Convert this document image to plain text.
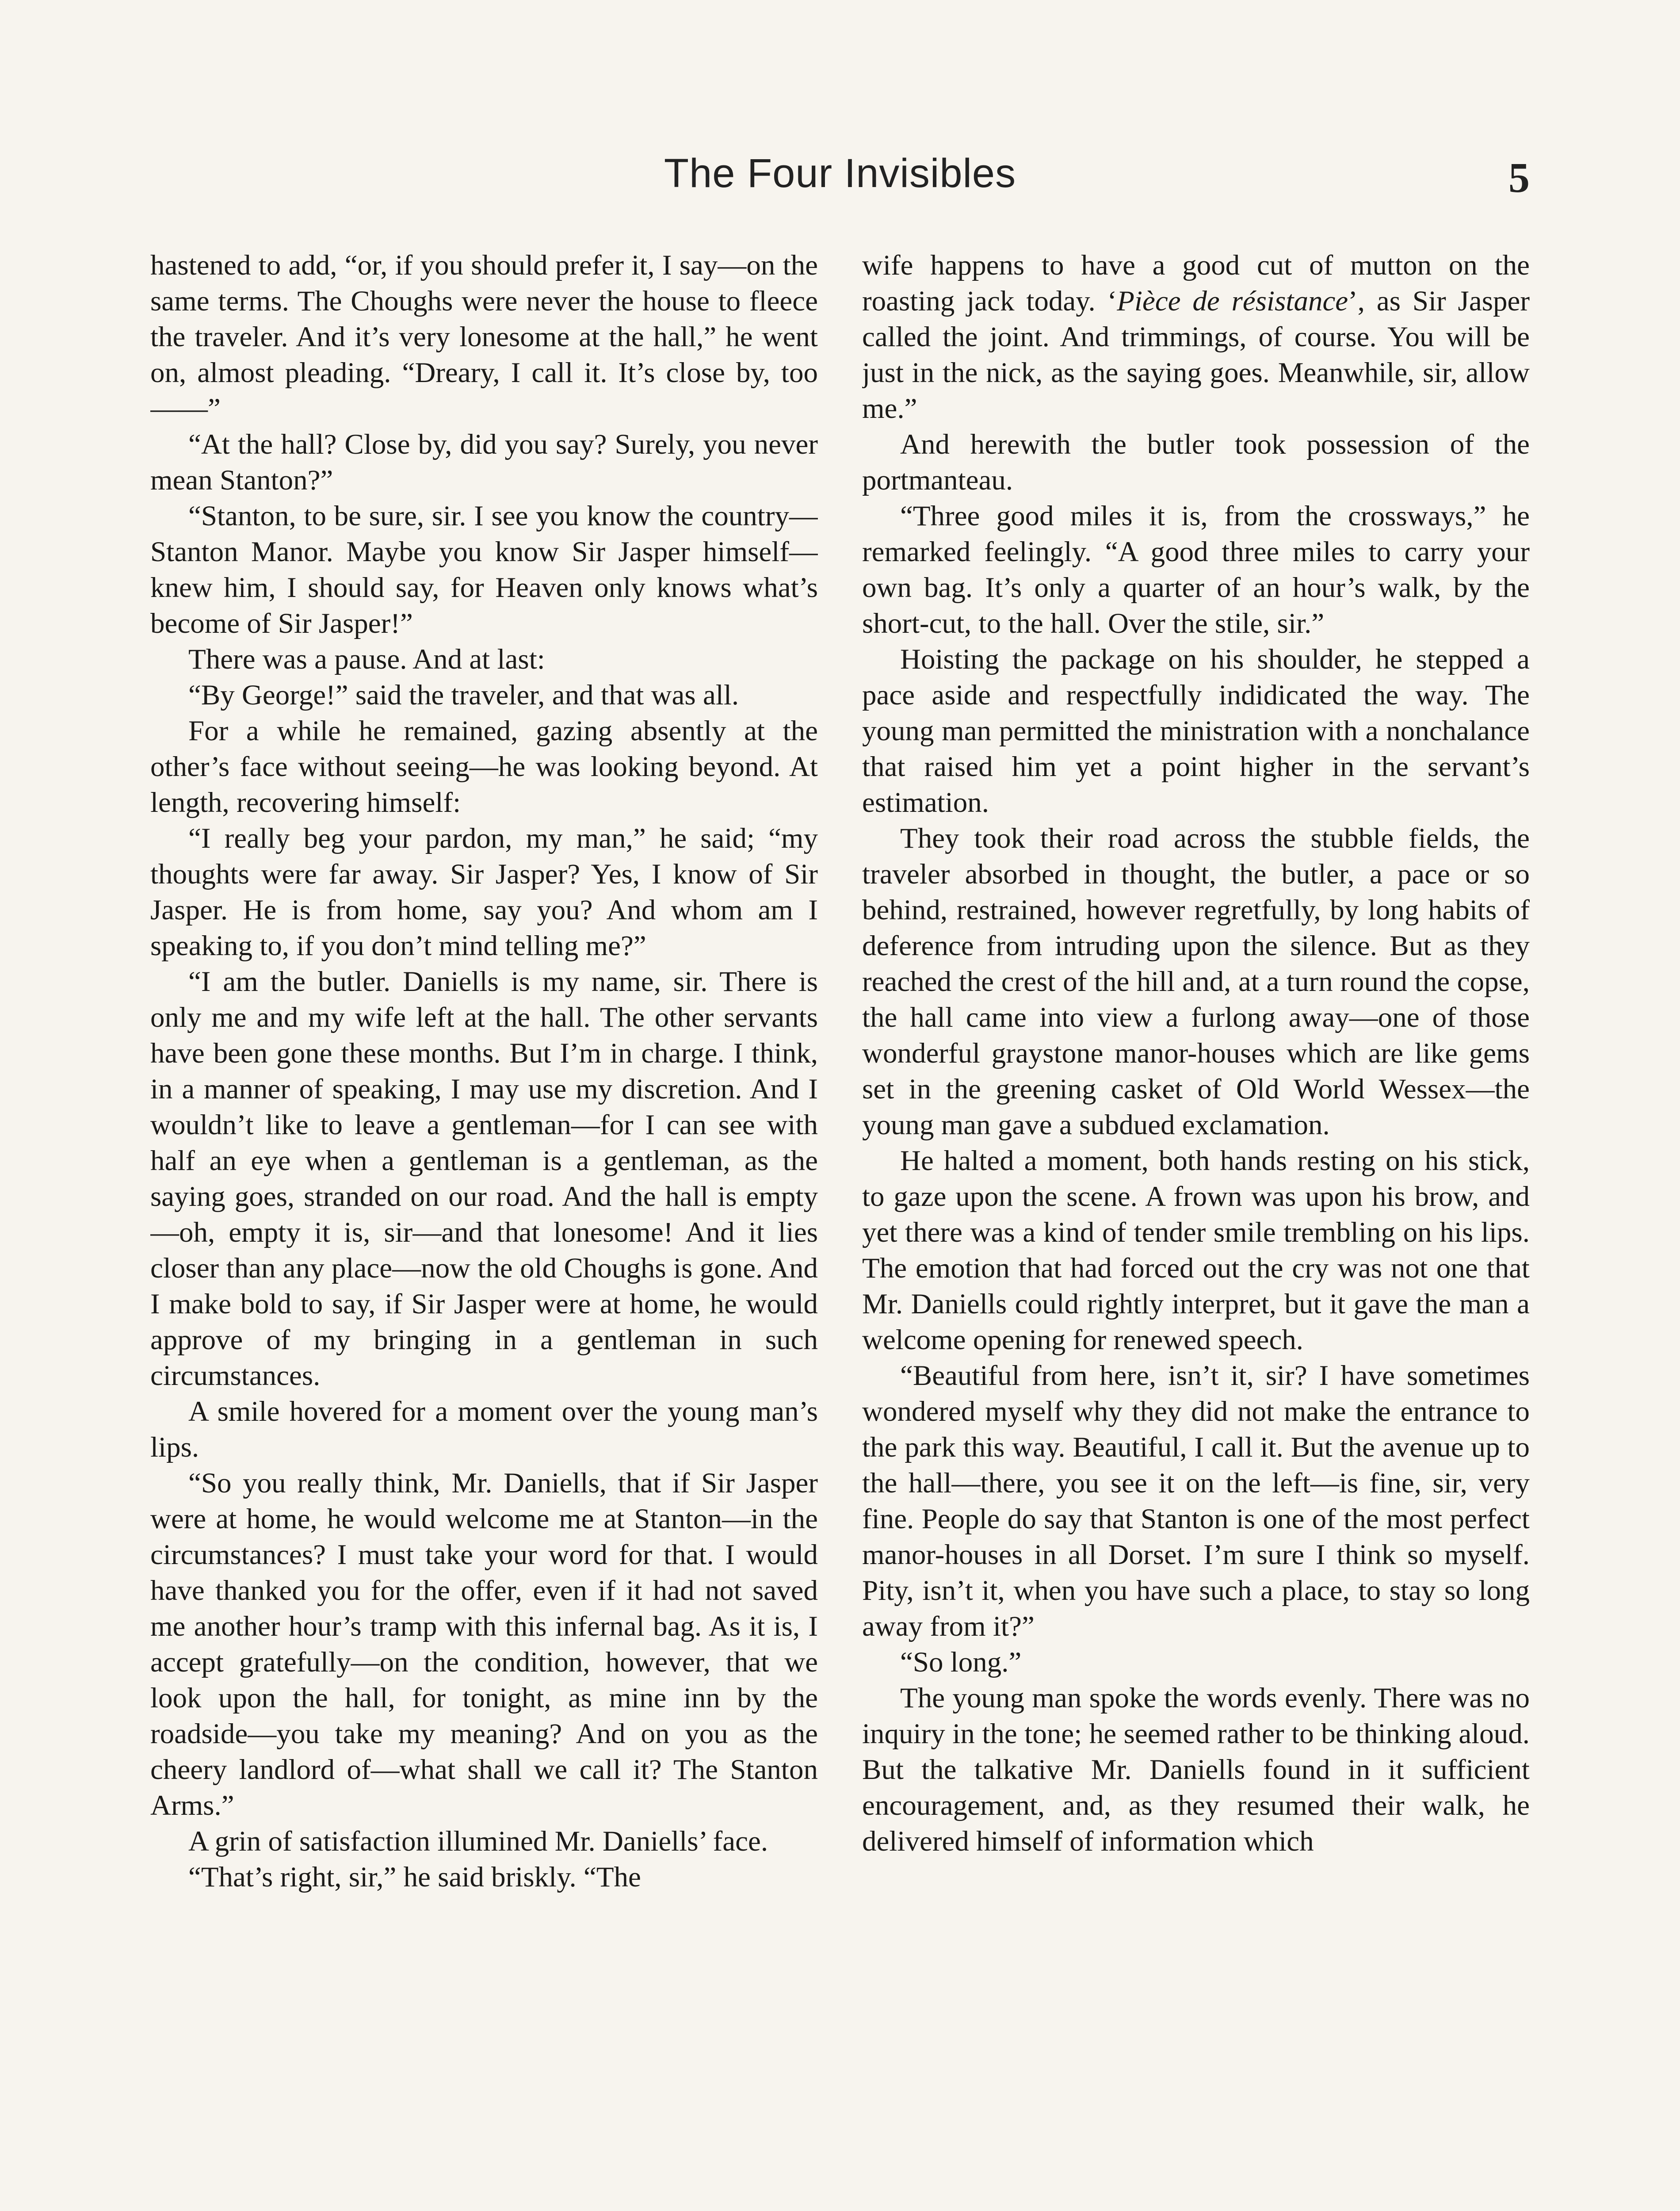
The Four Invisibles	5

hastened to add, “or, if you should prefer it, I say—on the same terms. The Choughs were never the house to fleece the traveler. And it’s very lonesome at the hall,” he went on, almost pleading. “Dreary, I call it. It’s close by, too——”

“At the hall? Close by, did you say? Surely, you never mean Stanton?”

“Stanton, to be sure, sir. I see you know the country—Stanton Manor. Maybe you know Sir Jasper himself—knew him, I should say, for Heaven only knows what’s become of Sir Jasper!”

There was a pause. And at last:

“By George!” said the traveler, and that was all.

For a while he remained, gazing absently at the other’s face without seeing—he was looking beyond. At length, recovering himself:

“I really beg your pardon, my man,” he said; “my thoughts were far away. Sir Jasper? Yes, I know of Sir Jasper. He is from home, say you? And whom am I speaking to, if you don’t mind telling me?”

“I am the butler. Daniells is my name, sir. There is only me and my wife left at the hall. The other servants have been gone these months. But I’m in charge. I think, in a manner of speaking, I may use my discretion. And I wouldn’t like to leave a gentleman—for I can see with half an eye when a gentleman is a gentleman, as the saying goes, stranded on our road. And the hall is empty—oh, empty it is, sir—and that lonesome! And it lies closer than any place—now the old Choughs is gone. And I make bold to say, if Sir Jasper were at home, he would approve of my bringing in a gentleman in such circumstances.

A smile hovered for a moment over the young man’s lips.

“So you really think, Mr. Daniells, that if Sir Jasper were at home, he would welcome me at Stanton—in the circumstances? I must take your word for that. I would have thanked you for the offer, even if it had not saved me another hour’s tramp with this infernal bag. As it is, I accept gratefully—on the condition, however, that we look upon the hall, for tonight, as mine inn by the roadside—you take my meaning? And on you as the cheery landlord of—what shall we call it? The Stanton Arms.”

A grin of satisfaction illumined Mr. Daniells’ face.

“That’s right, sir,” he said briskly. “The

wife happens to have a good cut of mutton on the roasting jack today. ‘Pièce de résistance’, as Sir Jasper called the joint. And trimmings, of course. You will be just in the nick, as the saying goes. Meanwhile, sir, allow me.”

And herewith the butler took possession of the portmanteau.

“Three good miles it is, from the crossways,” he remarked feelingly. “A good three miles to carry your own bag. It’s only a quarter of an hour’s walk, by the short-cut, to the hall. Over the stile, sir.”

Hoisting the package on his shoulder, he stepped a pace aside and respectfully indidicated the way. The young man permitted the ministration with a nonchalance that raised him yet a point higher in the servant’s estimation.

They took their road across the stubble fields, the traveler absorbed in thought, the butler, a pace or so behind, restrained, however regretfully, by long habits of deference from intruding upon the silence. But as they reached the crest of the hill and, at a turn round the copse, the hall came into view a furlong away—one of those wonderful graystone manor-houses which are like gems set in the greening casket of Old World Wessex—the young man gave a subdued exclamation.

He halted a moment, both hands resting on his stick, to gaze upon the scene. A frown was upon his brow, and yet there was a kind of tender smile trembling on his lips. The emotion that had forced out the cry was not one that Mr. Daniells could rightly interpret, but it gave the man a welcome opening for renewed speech.

“Beautiful from here, isn’t it, sir? I have sometimes wondered myself why they did not make the entrance to the park this way. Beautiful, I call it. But the avenue up to the hall—there, you see it on the left—is fine, sir, very fine. People do say that Stanton is one of the most perfect manor-houses in all Dorset. I’m sure I think so myself. Pity, isn’t it, when you have such a place, to stay so long away from it?”

“So long.”

The young man spoke the words evenly. There was no inquiry in the tone; he seemed rather to be thinking aloud. But the talkative Mr. Daniells found in it sufficient encouragement, and, as they resumed their walk, he delivered himself of information which
